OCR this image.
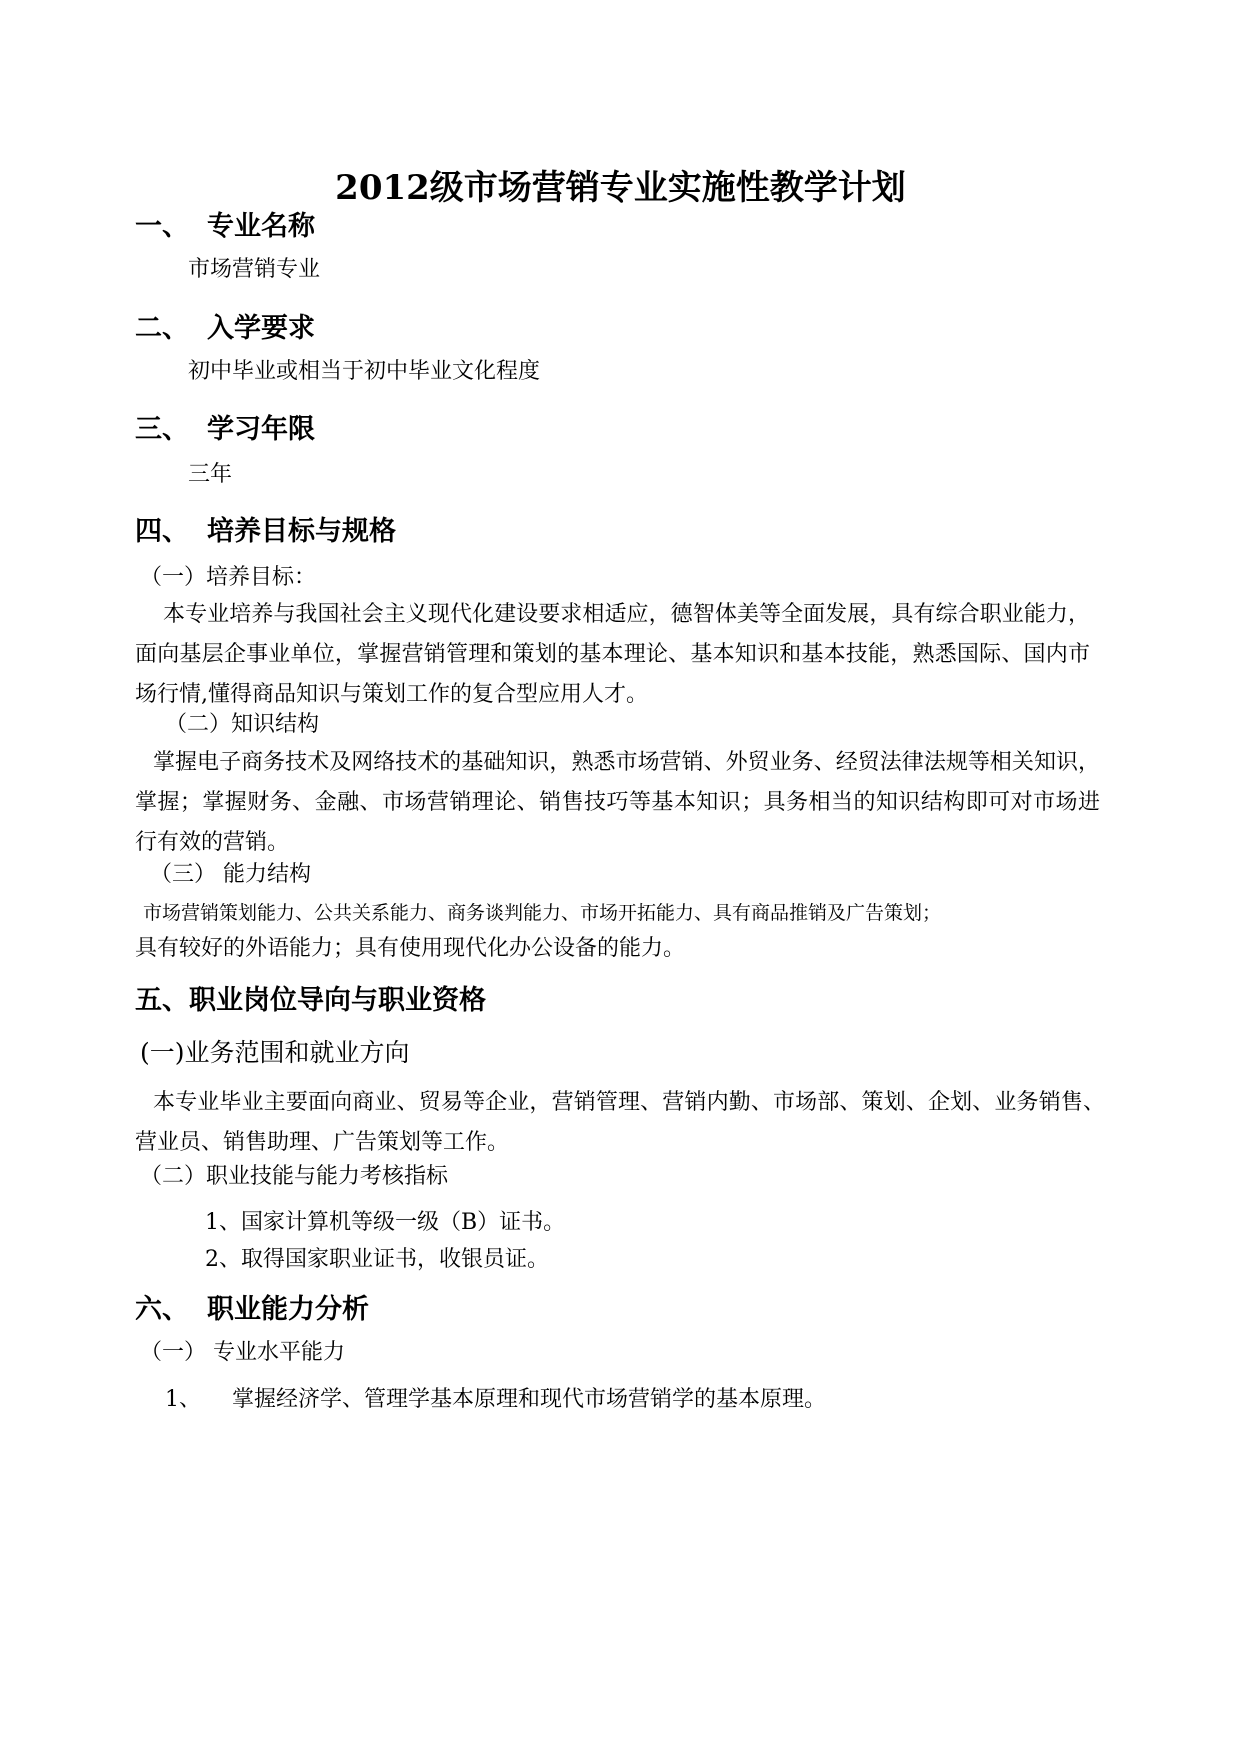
2012级市场营销专业实施性教学计划
一、 专业名称
市场营销专业
二、 入学要求
初中毕业或相当于初中毕业文化程度
三、 学习年限
三年
四、 培养目标与规格
（一）培养目标：
本专业培养与我国社会主义现代化建设要求相适应，德智体美等全面发展，具有综合职业能力，面向基层企事业单位，掌握营销管理和策划的基本理论、基本知识和基本技能，熟悉国际、国内市场行情,懂得商品知识与策划工作的复合型应用人才。
（二）知识结构
掌握电子商务技术及网络技术的基础知识，熟悉市场营销、外贸业务、经贸法律法规等相关知识，掌握；掌握财务、金融、市场营销理论、销售技巧等基本知识；具务相当的知识结构即可对市场进行有效的营销。
（三） 能力结构
市场营销策划能力、公共关系能力、商务谈判能力、市场开拓能力、具有商品推销及广告策划；
具有较好的外语能力；具有使用现代化办公设备的能力。
五、职业岗位导向与职业资格
(一)业务范围和就业方向
本专业毕业主要面向商业、贸易等企业，营销管理、营销内勤、市场部、策划、企划、业务销售、营业员、销售助理、广告策划等工作。
（二）职业技能与能力考核指标
1、国家计算机等级一级（B）证书。
2、取得国家职业证书，收银员证。
六、 职业能力分析
（一） 专业水平能力
1、 掌握经济学、管理学基本原理和现代市场营销学的基本原理。
